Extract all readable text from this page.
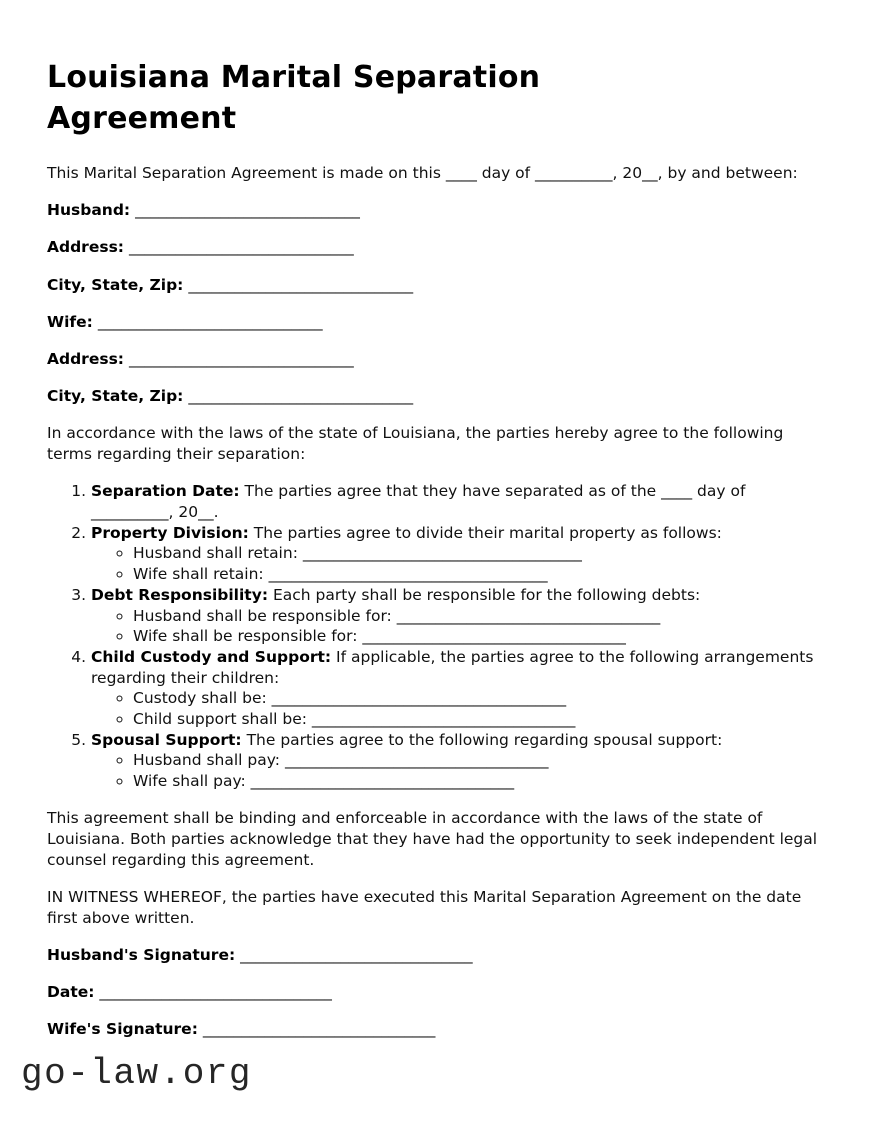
Louisiana Marital Separation Agreement

This Marital Separation Agreement is made on this ____ day of __________, 20__, by and between:

Husband: _____________________________

Address: _____________________________

City, State, Zip: _____________________________

Wife: _____________________________

Address: _____________________________

City, State, Zip: _____________________________

In accordance with the laws of the state of Louisiana, the parties hereby agree to the following terms regarding their separation:

1. Separation Date: The parties agree that they have separated as of the ____ day of __________, 20__.
2. Property Division: The parties agree to divide their marital property as follows:
◦ Husband shall retain: ____________________________________
◦ Wife shall retain: ____________________________________
3. Debt Responsibility: Each party shall be responsible for the following debts:
◦ Husband shall be responsible for: __________________________________
◦ Wife shall be responsible for: __________________________________
4. Child Custody and Support: If applicable, the parties agree to the following arrangements regarding their children:
◦ Custody shall be: ______________________________________
◦ Child support shall be: __________________________________
5. Spousal Support: The parties agree to the following regarding spousal support:
◦ Husband shall pay: __________________________________
◦ Wife shall pay: __________________________________

This agreement shall be binding and enforceable in accordance with the laws of the state of Louisiana. Both parties acknowledge that they have had the opportunity to seek independent legal counsel regarding this agreement.

IN WITNESS WHEREOF, the parties have executed this Marital Separation Agreement on the date first above written.

Husband's Signature: ______________________________

Date: ______________________________

Wife's Signature: ______________________________

go-law.org
